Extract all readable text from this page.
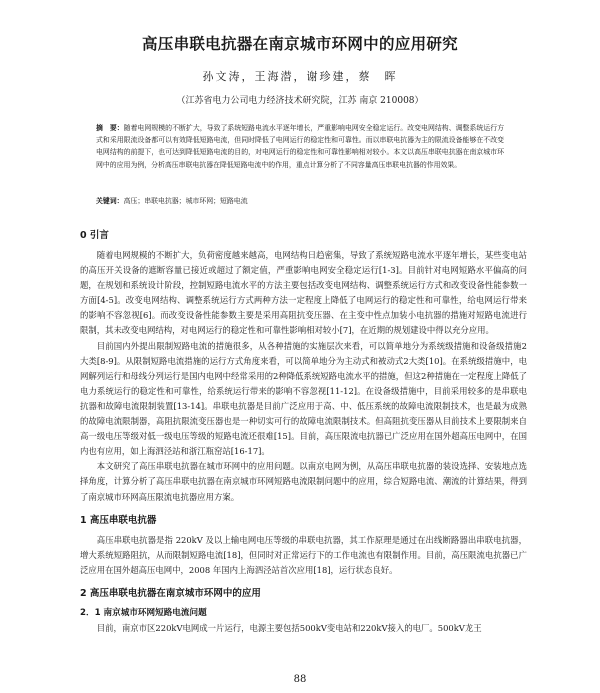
高压串联电抗器在南京城市环网中的应用研究
孙文涛，王海潜，谢珍建，蔡　晖
（江苏省电力公司电力经济技术研究院，江苏 南京 210008）
摘　要：随着电网规模的不断扩大，导致了系统短路电流水平逐年增长，严重影响电网安全稳定运行。改变电网结构、调整系统运行方式和采用限流设备都可以有效降低短路电流，但同时降低了电网运行的稳定性和可靠性。而以串联电抗器为主的限流设备能够在不改变电网结构的前提下，也可达到降低短路电流的目的，对电网运行的稳定性和可靠性影响相对较小。本文以高压串联电抗器在南京城市环网中的应用为例，分析高压串联电抗器在降低短路电流中的作用，重点计算分析了不同容量高压串联电抗器的作用效果。
关键词：高压；串联电抗器；城市环网；短路电流
0 引言

随着电网规模的不断扩大，负荷密度越来越高，电网结构日趋密集，导致了系统短路电流水平逐年增长，某些变电站的高压开关设备的遮断容量已接近或超过了额定值，严重影响电网安全稳定运行[1-3]。目前针对电网短路水平偏高的问题，在规划和系统设计阶段，控制短路电流水平的方法主要包括改变电网结构、调整系统运行方式和改变设备性能参数一方面[4-5]。改变电网结构、调整系统运行方式两种方法一定程度上降低了电网运行的稳定性和可靠性，给电网运行带来的影响不容忽视[6]。而改变设备性能参数主要是采用高阻抗变压器、在主变中性点加装小电抗器的措施对短路电流进行限制，其未改变电网结构，对电网运行的稳定性和可靠性影响相对较小[7]，在近期的规划建设中得以充分应用。

目前国内外提出限制短路电流的措施很多，从各种措施的实施层次来看，可以简单地分为系统级措施和设备级措施2大类[8-9]。从限制短路电流措施的运行方式角度来看，可以简单地分为主动式和被动式2大类[10]。在系统级措施中，电网解列运行和母线分列运行是国内电网中经常采用的2种降低系统短路电流水平的措施，但这2种措施在一定程度上降低了电力系统运行的稳定性和可靠性，给系统运行带来的影响不容忽视[11-12]。在设备级措施中，目前采用较多的是串联电抗器和故障电流限制装置[13-14]。串联电抗器是目前广泛应用于高、中、低压系统的故障电流限制技术，也是最为成熟的故障电流限制器，高阻抗限流变压器也是一种切实可行的故障电流限制技术。但高阻抗变压器从目前技术上要限制来自高一级电压等级对低一级电压等级的短路电流还很难[15]。目前，高压限流电抗器已广泛应用在国外超高压电网中，在国内也有应用，如上海泗泾站和浙江瓶窑站[16-17]。

本文研究了高压串联电抗器在城市环网中的应用问题。以南京电网为例，从高压串联电抗器的装设选择、安装地点选择角度，计算分析了高压串联电抗器在南京城市环网短路电流限制问题中的应用，综合短路电流、潮流的计算结果，得到了南京城市环网高压限流电抗器应用方案。

1 高压串联电抗器

高压串联电抗器是指 220kV 及以上输电网电压等级的串联电抗器，其工作原理是通过在出线断路器出串联电抗器，增大系统短路阻抗，从而限制短路电流[18]，但同时对正常运行下的工作电流也有限制作用。目前，高压限流电抗器已广泛应用在国外超高压电网中，2008 年国内上海泗泾站首次应用[18]，运行状态良好。

2 高压串联电抗器在南京城市环网中的应用
2．1 南京城市环网短路电流问题

目前，南京市区220kV电网成一片运行，电源主要包括500kV变电站和220kV接入的电厂。500kV龙王

88
